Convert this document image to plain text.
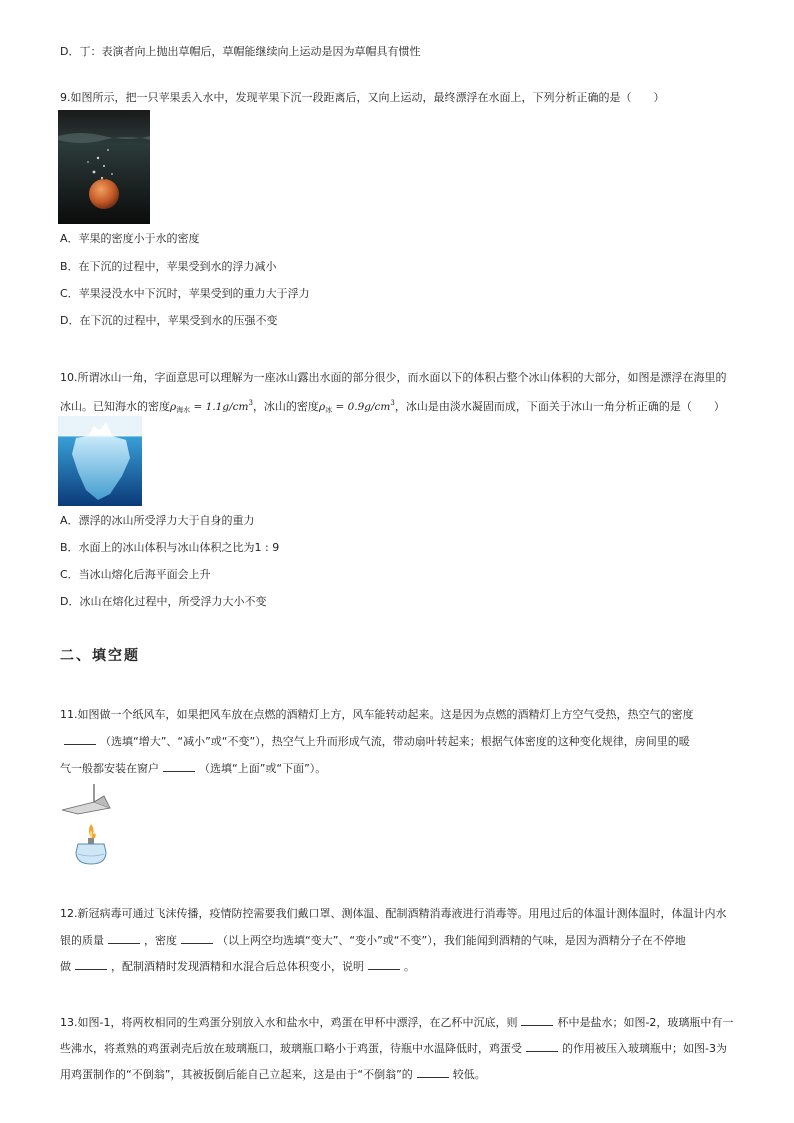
D．丁：表演者向上抛出草帽后，草帽能继续向上运动是因为草帽具有惯性
9.如图所示，把一只苹果丢入水中，发现苹果下沉一段距离后，又向上运动，最终漂浮在水面上，下列分析正确的是（　　）
A．苹果的密度小于水的密度
B．在下沉的过程中，苹果受到水的浮力减小
C．苹果浸没水中下沉时，苹果受到的重力大于浮力
D．在下沉的过程中，苹果受到水的压强不变
10.所谓冰山一角，字面意思可以理解为一座冰山露出水面的部分很少，而水面以下的体积占整个冰山体积的大部分，如图是漂浮在海里的
冰山。已知海水的密度$\rho_{海水} = 1.1g/cm^3$，冰山的密度$\rho_冰 = 0.9g/cm^3$，冰山是由淡水凝固而成，下面关于冰山一角分析正确的是（　　）
A．漂浮的冰山所受浮力大于自身的重力
B．水面上的冰山体积与冰山体积之比为1 : 9
C．当冰山熔化后海平面会上升
D．冰山在熔化过程中，所受浮力大小不变
二、填空题
11.如图做一个纸风车，如果把风车放在点燃的酒精灯上方，风车能转动起来。这是因为点燃的酒精灯上方空气受热，热空气的密度
（选填“增大”、“减小”或“不变”），热空气上升而形成气流，带动扇叶转起来；根据气体密度的这种变化规律，房间里的暖
气一般都安装在窗户	（选填“上面”或“下面”）。
12.新冠病毒可通过飞沫传播，疫情防控需要我们戴口罩、测体温、配制酒精消毒液进行消毒等。用甩过后的体温计测体温时，体温计内水
银的质量	，密度	（以上两空均选填“变大”、“变小”或“不变”），我们能闻到酒精的气味，是因为酒精分子在不停地
做	，配制酒精时发现酒精和水混合后总体积变小，说明	。
13.如图-1，将两枚相同的生鸡蛋分别放入水和盐水中，鸡蛋在甲杯中漂浮，在乙杯中沉底，则	杯中是盐水；如图-2，玻璃瓶中有一
些沸水，将煮熟的鸡蛋剥壳后放在玻璃瓶口，玻璃瓶口略小于鸡蛋，待瓶中水温降低时，鸡蛋受	的作用被压入玻璃瓶中；如图-3为
用鸡蛋制作的“不倒翁”，其被扳倒后能自己立起来，这是由于“不倒翁”的	较低。
